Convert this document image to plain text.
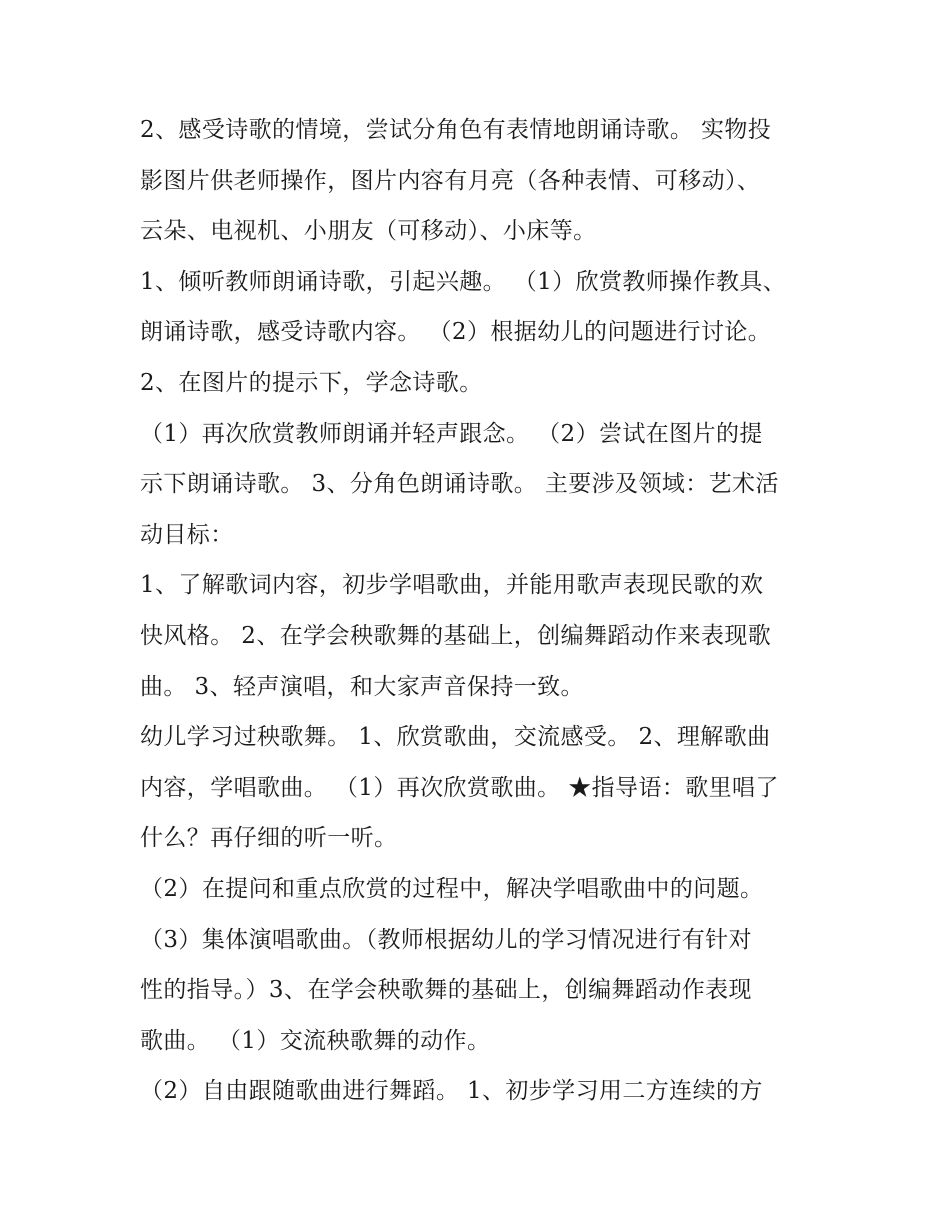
2、感受诗歌的情境，尝试分角色有表情地朗诵诗歌。 实物投
影图片供老师操作，图片内容有月亮（各种表情、可移动）、
云朵、电视机、小朋友（可移动）、小床等。
1、倾听教师朗诵诗歌，引起兴趣。 （1）欣赏教师操作教具、
朗诵诗歌，感受诗歌内容。 （2）根据幼儿的问题进行讨论。
2、在图片的提示下，学念诗歌。
（1）再次欣赏教师朗诵并轻声跟念。 （2）尝试在图片的提
示下朗诵诗歌。 3、分角色朗诵诗歌。 主要涉及领域：艺术活
动目标：
1、了解歌词内容，初步学唱歌曲，并能用歌声表现民歌的欢
快风格。 2、在学会秧歌舞的基础上，创编舞蹈动作来表现歌
曲。 3、轻声演唱，和大家声音保持一致。
幼儿学习过秧歌舞。 1、欣赏歌曲，交流感受。 2、理解歌曲
内容，学唱歌曲。 （1）再次欣赏歌曲。 ★指导语：歌里唱了
什么？再仔细的听一听。
（2）在提问和重点欣赏的过程中，解决学唱歌曲中的问题。
（3）集体演唱歌曲。（教师根据幼儿的学习情况进行有针对
性的指导。）3、在学会秧歌舞的基础上，创编舞蹈动作表现
歌曲。 （1）交流秧歌舞的动作。
（2）自由跟随歌曲进行舞蹈。 1、初步学习用二方连续的方
